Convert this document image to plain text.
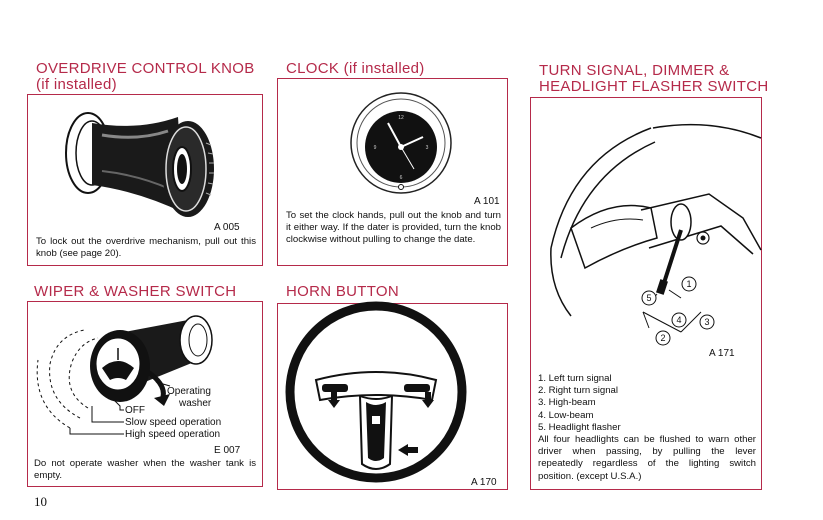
OVERDRIVE CONTROL KNOB
(if installed)
A 005
To lock out the overdrive mechanism, pull out this knob (see page 20).
CLOCK (if installed)
12
3
6
9
A 101
To set the clock hands, pull out the knob and turn it either way. If the dater is provided, turn the knob clockwise without pulling to change the date.
TURN SIGNAL, DIMMER &
HEADLIGHT FLASHER SWITCH
1
2
3
4
5
A 171
1. Left turn signal
2. Right turn signal
3. High-beam
4. Low-beam
5. Headlight flasher
All four headlights can be flushed to warn other driver when passing, by pulling the lever repeatedly regardless of the lighting switch position. (except U.S.A.)
WIPER & WASHER SWITCH
Operating
washer
OFF
Slow speed operation
High speed operation
E 007
Do not operate washer when the washer tank is empty.
HORN BUTTON
A 170
10
